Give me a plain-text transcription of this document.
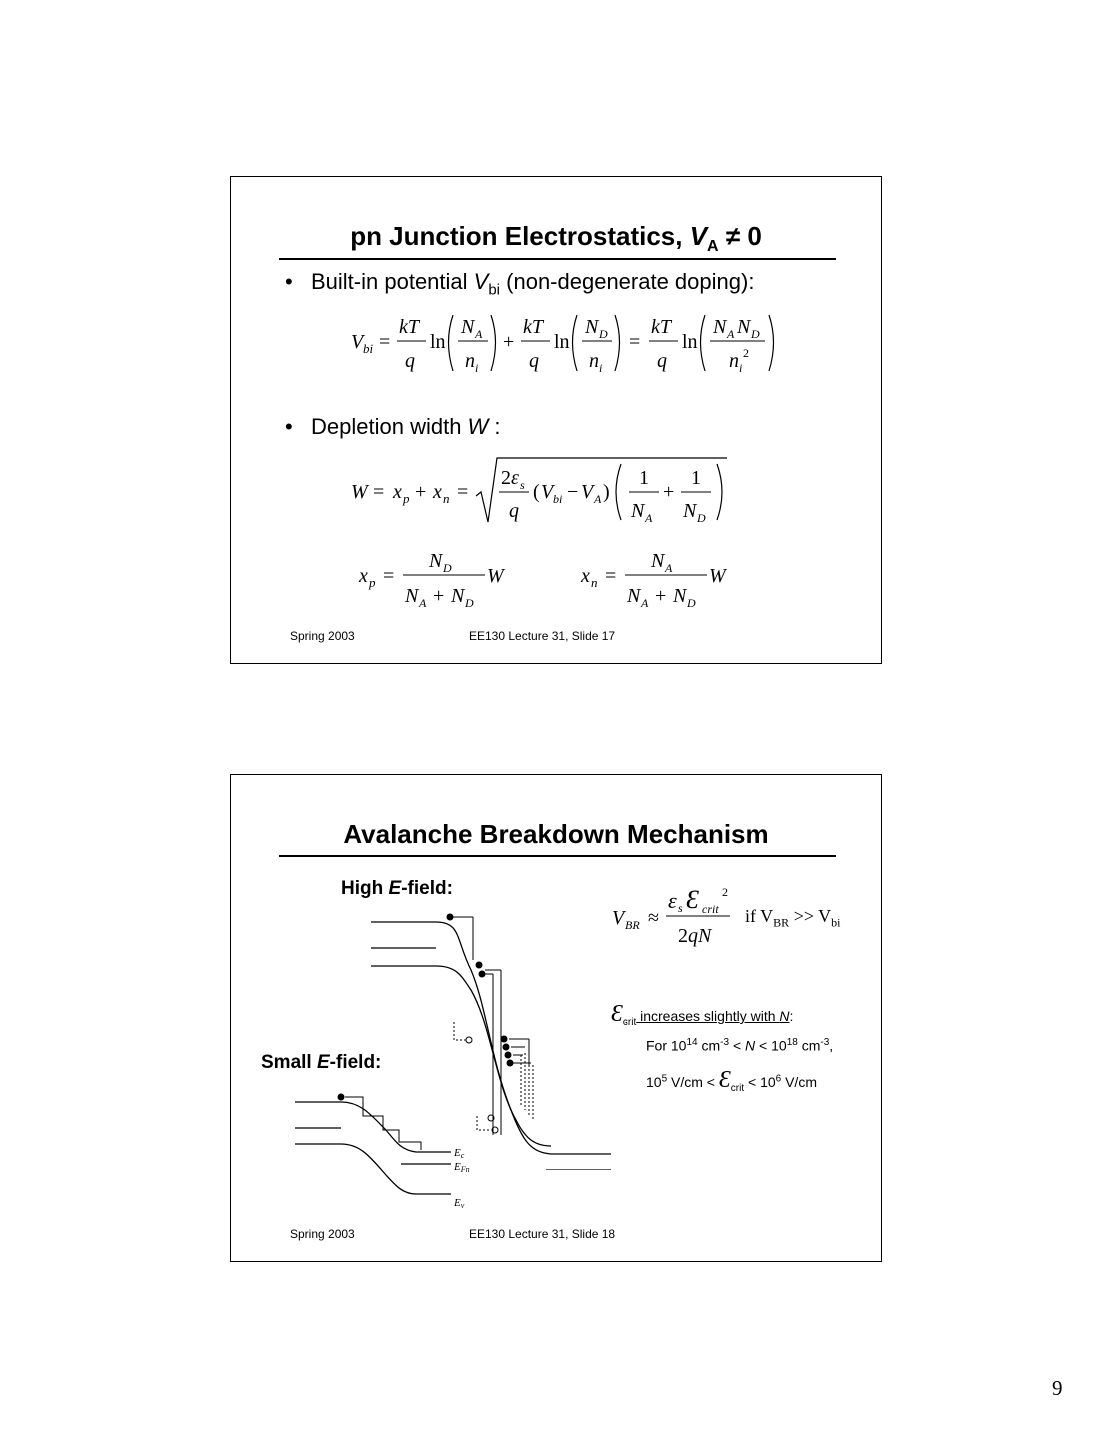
pn Junction Electrostatics, $V_A \ne 0$
• Built-in potential $V_{bi}$ (non-degenerate doping):
V bi =
kT
q
ln
N A
n i
+
kT
q
ln
N D
n i
=
kT
q
ln
N A N D
n i
2
• Depletion width W :
W = x p + x n =
2 ε s
q
( V bi − V A )
1
N A
+
1
N D
x p =
N D
N A + N D
W	x n =
N A
N A + N D
W
Spring 2003	EE130 Lecture 31, Slide 17
Avalanche Breakdown Mechanism
High E-field:
Small E-field:
V BR ≈
ε s Ɛ crit
2
2 qN
if $V_{BR} >> V_{bi}$
$Ɛ_{crit}$ increases slightly with N:
For $10^{14}$ $cm^{-3} < N < 10^{18}$ $cm^{-3}$,
$10^5$ $V/cm < Ɛ_{crit} < 10^6$ V/cm
Ec
EFn
Ev
Spring 2003	EE130 Lecture 31, Slide 18
9
